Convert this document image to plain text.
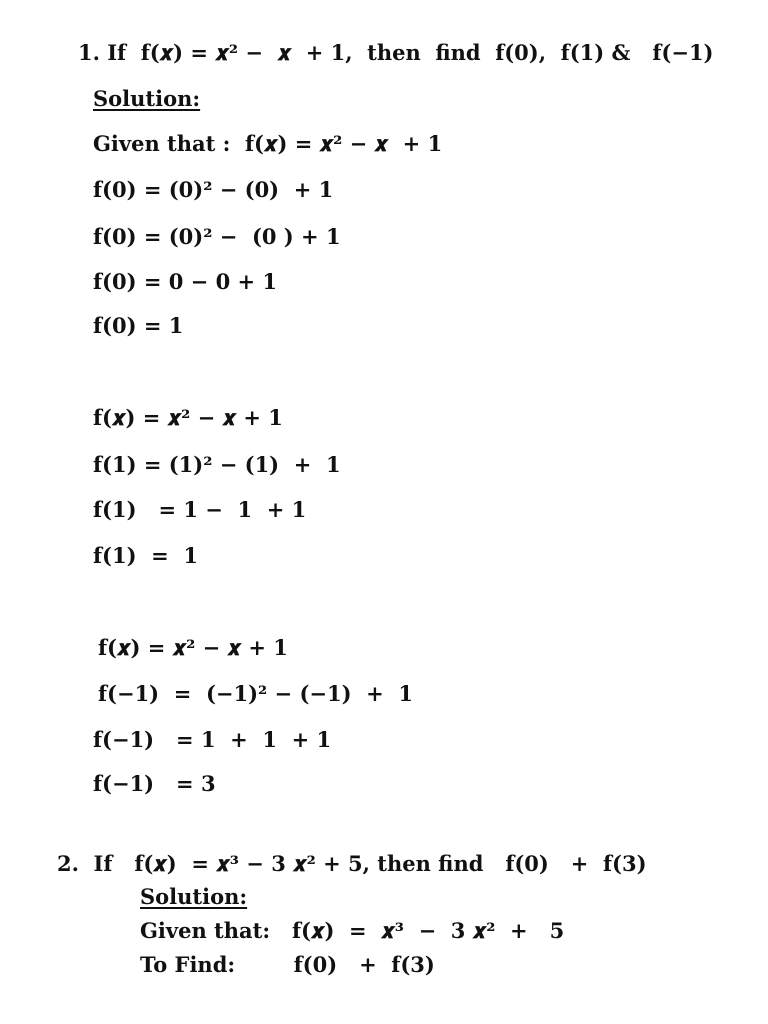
1. If  f(𝒙) = 𝒙² −  𝒙  + 1,  then  find  f(0),  f(1) &   f(−1)
Solution:
Given that :  f(𝒙) = 𝒙² − 𝒙  + 1
f(0) = (0)² − (0)  + 1
f(0) = (0)² −  (0 ) + 1
f(0) = 0 − 0 + 1
f(0) = 1
f(𝒙) = 𝒙² − 𝒙 + 1
f(1) = (1)² − (1)  +  1
f(1)   = 1 −  1  + 1
f(1)  =  1
f(𝒙) = 𝒙² − 𝒙 + 1
f(−1)  =  (−1)² − (−1)  +  1
f(−1)   = 1  +  1  + 1
f(−1)   = 3
2.  If   f(𝒙)  = 𝒙³ − 3 𝒙² + 5, then find   f(0)   +  f(3)
Solution:
Given that:   f(𝒙)  =  𝒙³  −  3 𝒙²  +   5
To Find:        f(0)   +  f(3)
